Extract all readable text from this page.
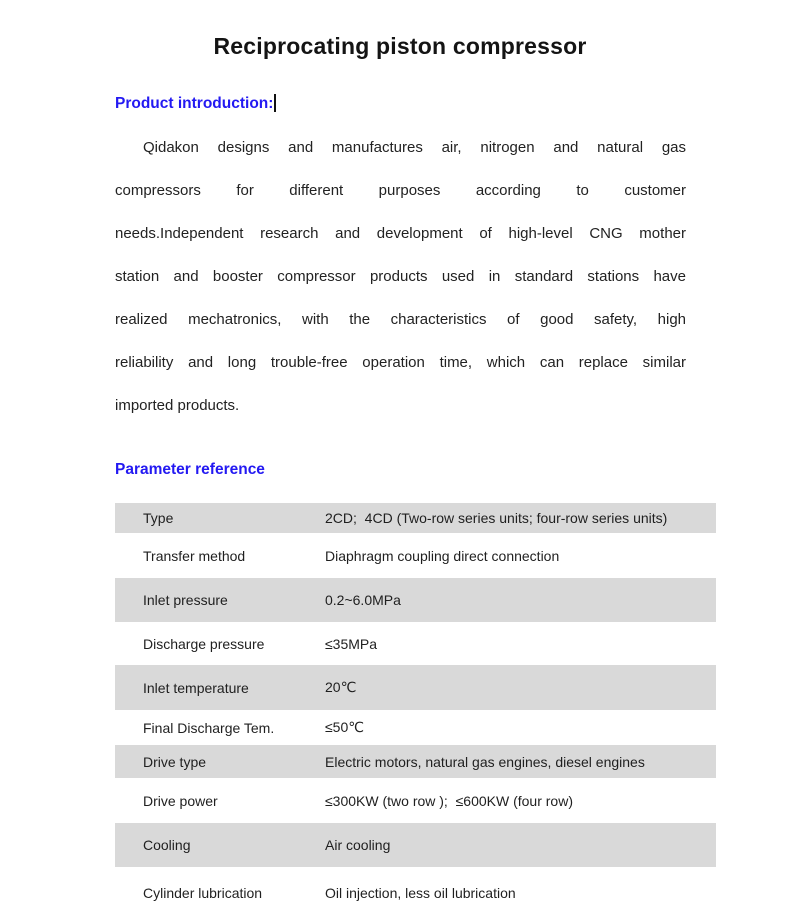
Reciprocating piston compressor
Product introduction:
Qidakon designs and manufactures air, nitrogen and natural gas
compressors for different purposes according to customer
needs.Independent research and development of high-level CNG mother
station and booster compressor products used in standard stations have
realized mechatronics, with the characteristics of good safety, high
reliability and long trouble-free operation time, which can replace similar
imported products.
Parameter reference
Type	2CD;  4CD (Two-row series units; four-row series units)
Transfer method	Diaphragm coupling direct connection
Inlet pressure	0.2~6.0MPa
Discharge pressure	≤35MPa
Inlet temperature	20℃
Final Discharge Tem.	≤50℃
Drive type	Electric motors, natural gas engines, diesel engines
Drive power	≤300KW (two row );  ≤600KW (four row)
Cooling	Air cooling
Cylinder lubrication	Oil injection, less oil lubrication
